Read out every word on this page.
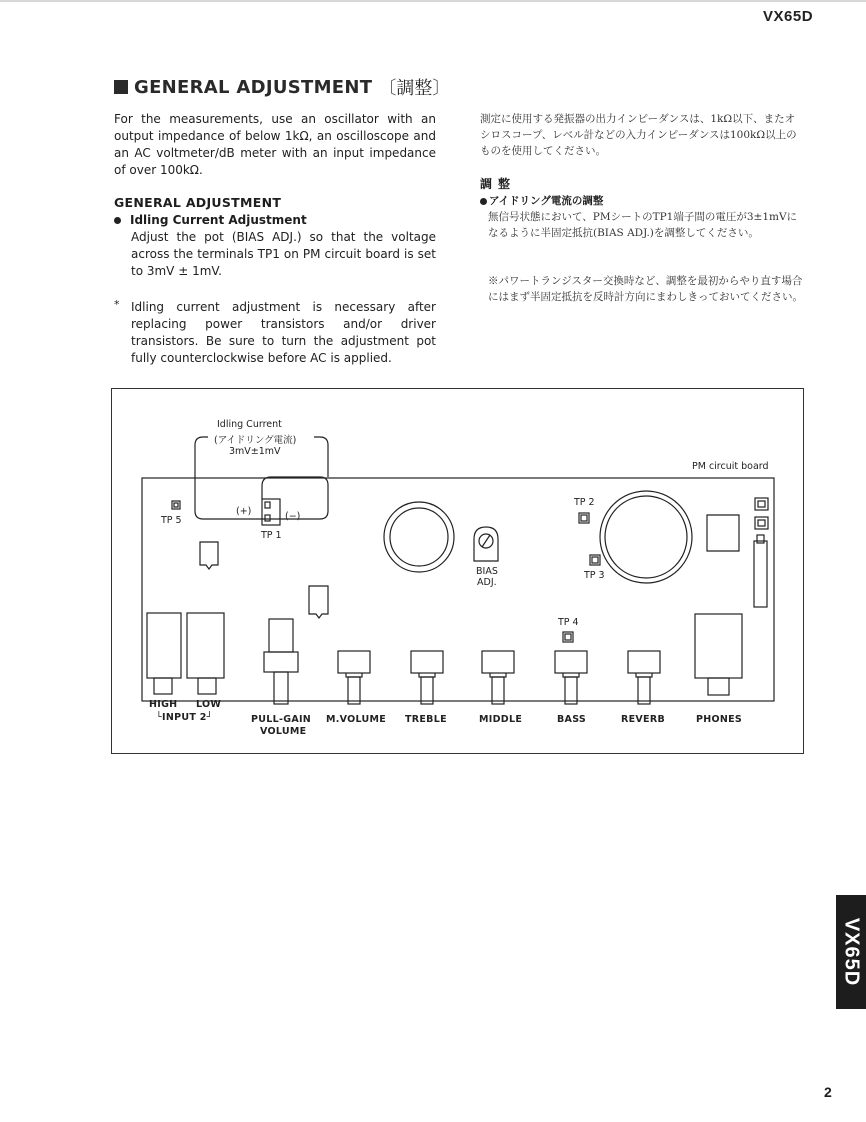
VX65D
GENERAL ADJUSTMENT 〔調整〕
For the measurements, use an oscillator with an output impedance of below 1kΩ, an oscilloscope and an AC voltmeter/dB meter with an input impedance of over 100kΩ.
GENERAL ADJUSTMENT
Idling Current Adjustment
Adjust the pot (BIAS ADJ.) so that the voltage across the terminals TP1 on PM circuit board is set to 3mV ± 1mV.
* Idling current adjustment is necessary after replacing power transistors and/or driver transistors. Be sure to turn the adjustment pot fully counterclockwise before AC is applied.
測定に使用する発振器の出力インピーダンスは、1kΩ以下、またオシロスコープ、レベル計などの入力インピーダンスは100kΩ以上のものを使用してください。
調整
アイドリング電流の調整
無信号状態において、PMシートのTP1端子間の電圧が3±1mVになるように半固定抵抗(BIAS ADJ.)を調整してください。
※パワートランジスター交換時など、調整を最初からやり直す場合にはまず半固定抵抗を反時計方向にまわしきっておいてください。
Idling Current
(アイドリング電流)
3mV±1mV
PM circuit board
TP 5
(+)	(−)
TP 1
TP 2
TP 3
TP 4
BIAS
ADJ.
HIGH LOW
└INPUT 2┘	PULL-GAIN
VOLUME
M.VOLUME TREBLE	MIDDLE	BASS	REVERB	PHONES
VX65D
2
